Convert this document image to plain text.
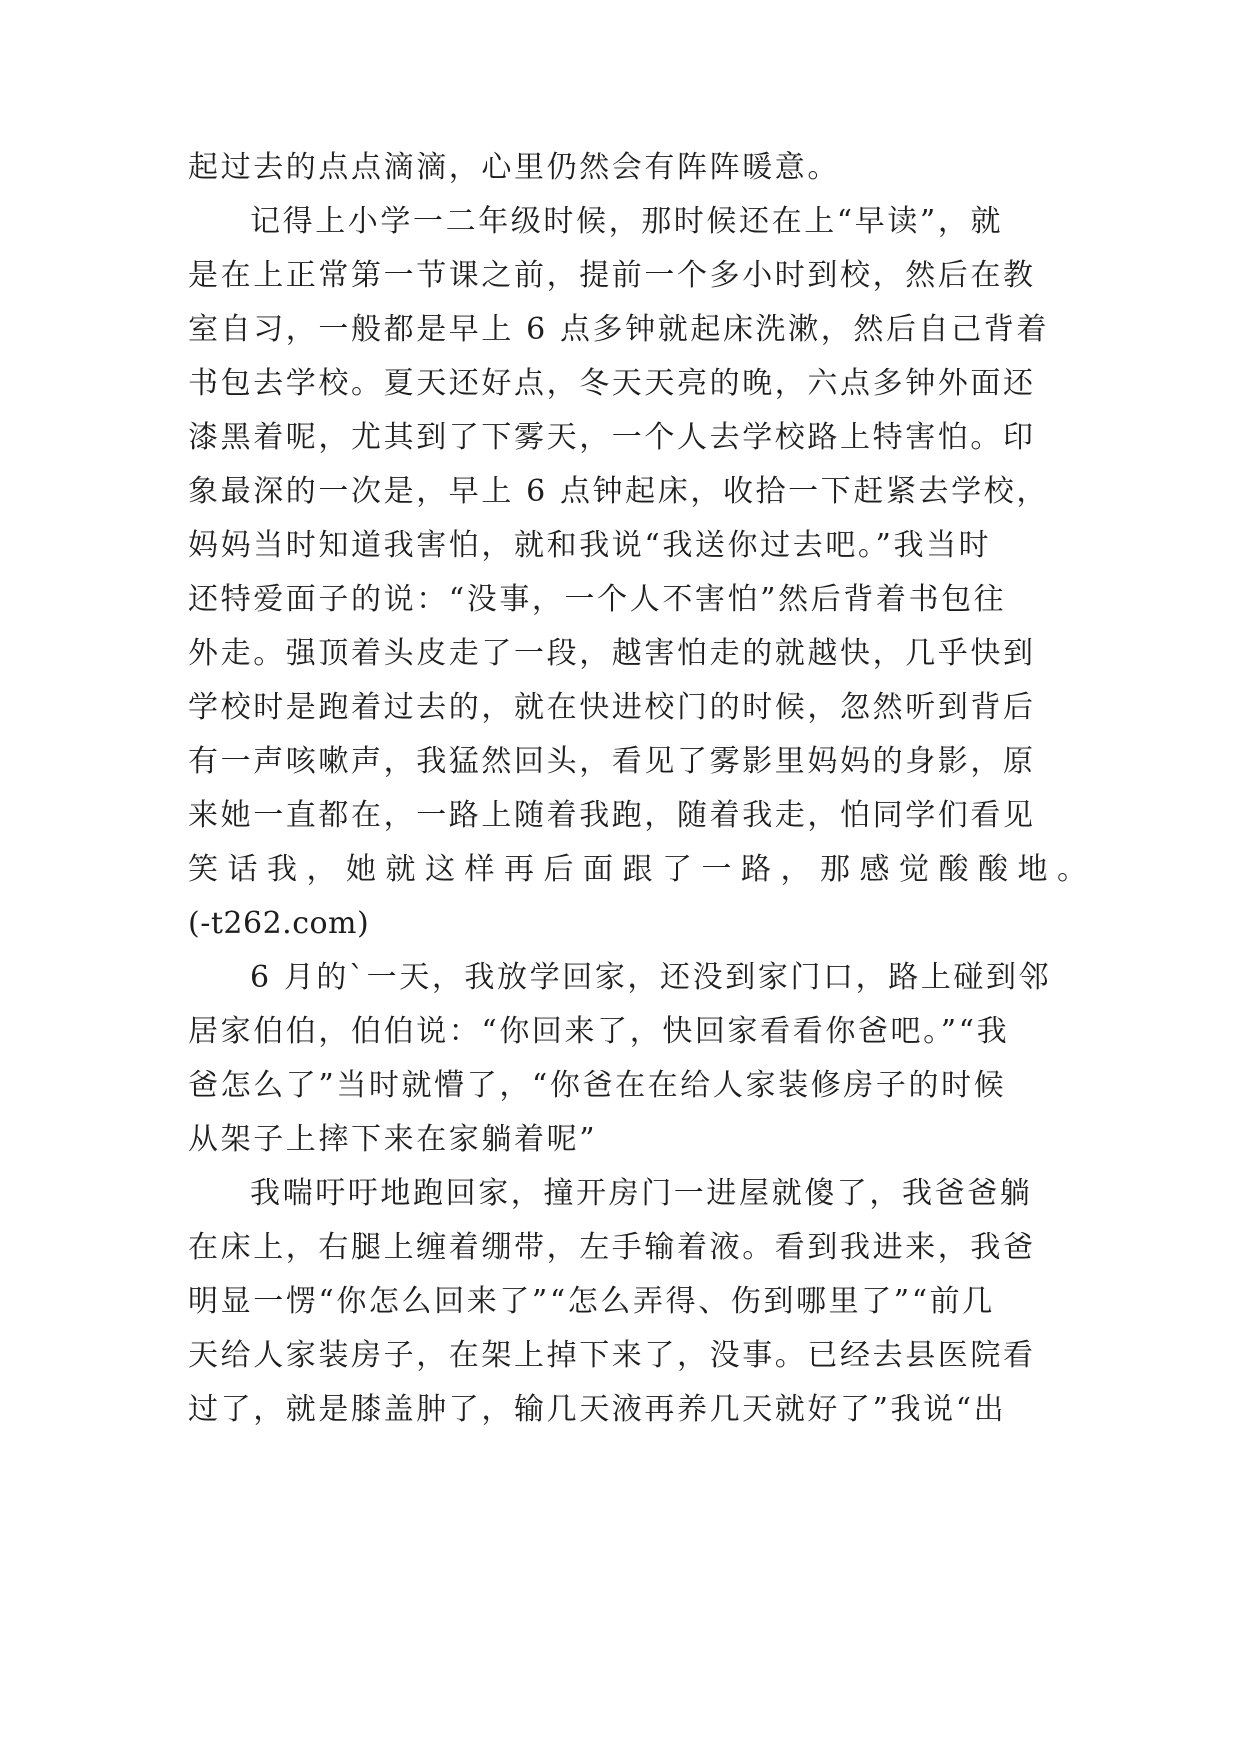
起过去的点点滴滴，心里仍然会有阵阵暖意。
记得上小学一二年级时候，那时候还在上“早读”，就
是在上正常第一节课之前，提前一个多小时到校，然后在教
室自习，一般都是早上 6 点多钟就起床洗漱，然后自己背着
书包去学校。夏天还好点，冬天天亮的晚，六点多钟外面还
漆黑着呢，尤其到了下雾天，一个人去学校路上特害怕。印
象最深的一次是，早上 6 点钟起床，收拾一下赶紧去学校，
妈妈当时知道我害怕，就和我说“我送你过去吧。”我当时
还特爱面子的说：“没事，一个人不害怕”然后背着书包往
外走。强顶着头皮走了一段，越害怕走的就越快，几乎快到
学校时是跑着过去的，就在快进校门的时候，忽然听到背后
有一声咳嗽声，我猛然回头，看见了雾影里妈妈的身影，原
来她一直都在，一路上随着我跑，随着我走，怕同学们看见
笑话我，她就这样再后面跟了一路，那感觉酸酸地。
(-t262.com)
6 月的`一天，我放学回家，还没到家门口，路上碰到邻
居家伯伯，伯伯说：“你回来了，快回家看看你爸吧。”“我
爸怎么了”当时就懵了，“你爸在在给人家装修房子的时候
从架子上摔下来在家躺着呢”
我喘吁吁地跑回家，撞开房门一进屋就傻了，我爸爸躺
在床上，右腿上缠着绷带，左手输着液。看到我进来，我爸
明显一愣“你怎么回来了”“怎么弄得、伤到哪里了”“前几
天给人家装房子，在架上掉下来了，没事。已经去县医院看
过了，就是膝盖肿了，输几天液再养几天就好了”我说“出
